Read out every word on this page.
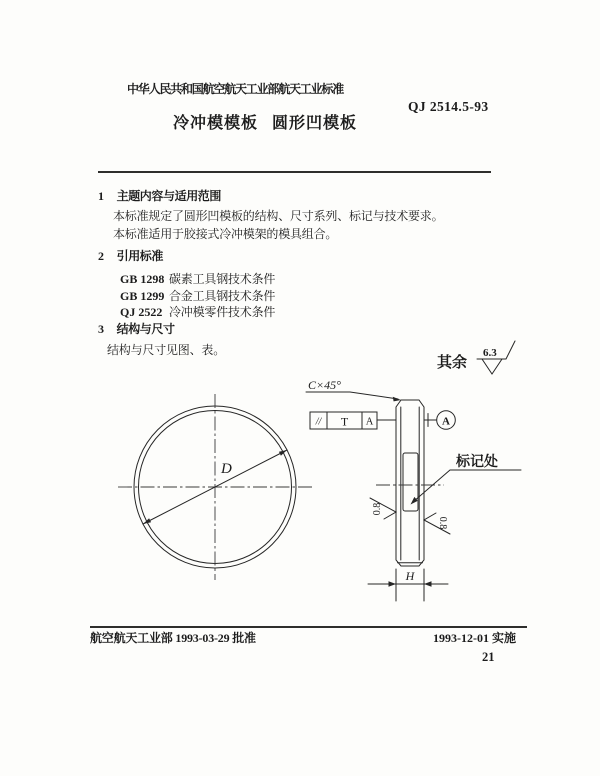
中华人民共和国航空航天工业部航天工业标准
QJ 2514.5-93
冷冲模模板 圆形凹模板
1 主题内容与适用范围
本标准规定了圆形凹模板的结构、尺寸系列、标记与技术要求。
本标准适用于胶接式冷冲模架的模具组合。
2 引用标准
GB 1298 碳素工具钢技术条件
GB 1299 合金工具钢技术条件
QJ 2522 冷冲模零件技术条件
3 结构与尺寸
结构与尺寸见图、表。
其余
6.3
D
C×45°
// T A	A
标记处
0.8
0.8
H
航空航天工业部 1993-03-29 批准	1993-12-01 实施
21
